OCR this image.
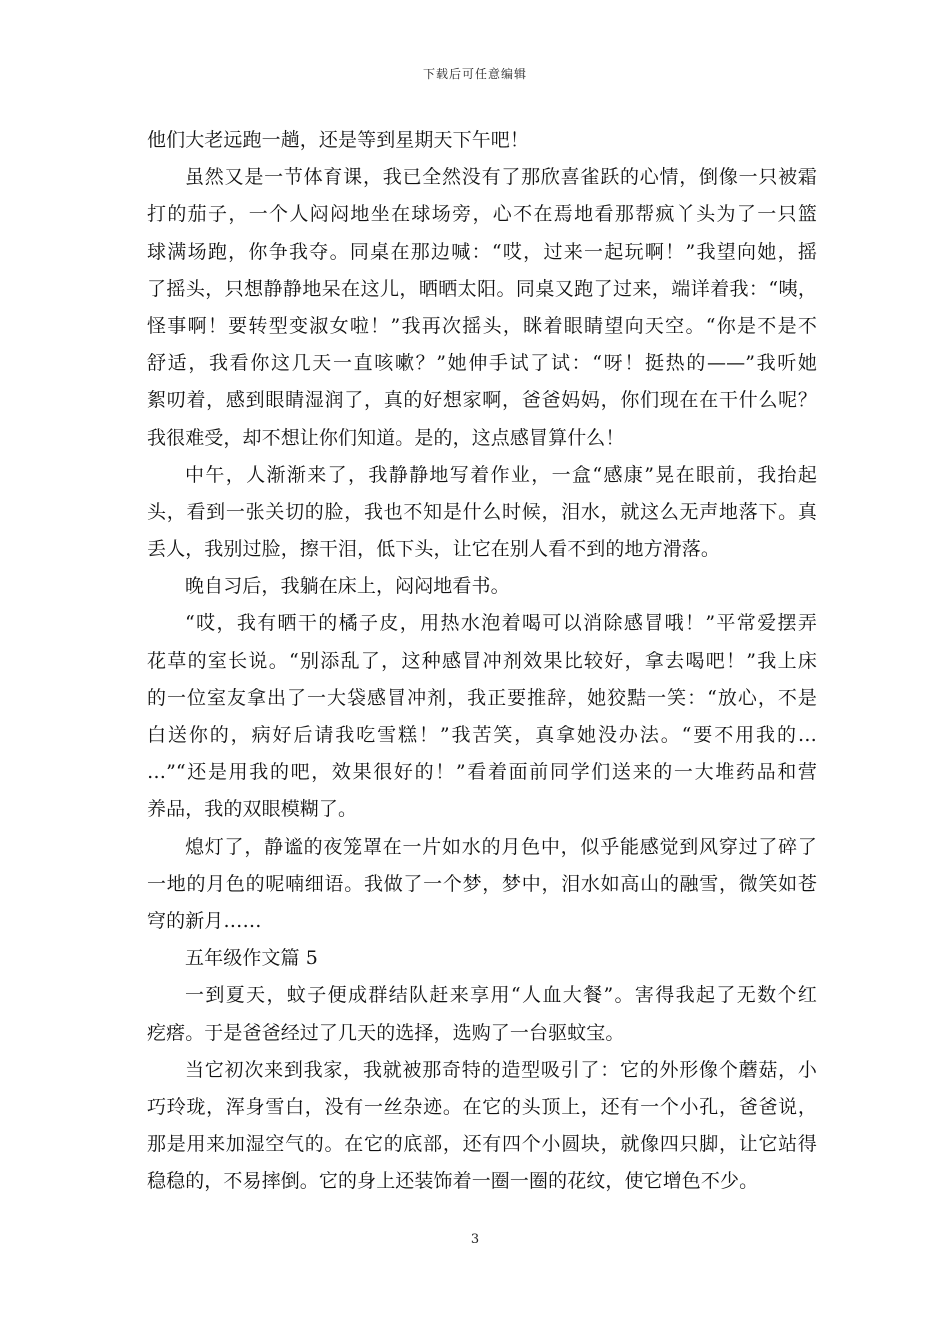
下载后可任意编辑
他们大老远跑一趟，还是等到星期天下午吧！
虽然又是一节体育课，我已全然没有了那欣喜雀跃的心情，倒像一只被霜
打的茄子，一个人闷闷地坐在球场旁，心不在焉地看那帮疯丫头为了一只篮
球满场跑，你争我夺。同桌在那边喊：“哎，过来一起玩啊！”我望向她，摇
了摇头，只想静静地呆在这儿，晒晒太阳。同桌又跑了过来，端详着我：“咦，
怪事啊！要转型变淑女啦！”我再次摇头，眯着眼睛望向天空。“你是不是不
舒适，我看你这几天一直咳嗽？”她伸手试了试：“呀！挺热的——”我听她
絮叨着，感到眼睛湿润了，真的好想家啊，爸爸妈妈，你们现在在干什么呢？
我很难受，却不想让你们知道。是的，这点感冒算什么！
中午，人渐渐来了，我静静地写着作业，一盒“感康”晃在眼前，我抬起
头，看到一张关切的脸，我也不知是什么时候，泪水，就这么无声地落下。真
丢人，我别过脸，擦干泪，低下头，让它在别人看不到的地方滑落。
晚自习后，我躺在床上，闷闷地看书。
“哎，我有晒干的橘子皮，用热水泡着喝可以消除感冒哦！”平常爱摆弄
花草的室长说。“别添乱了，这种感冒冲剂效果比较好，拿去喝吧！”我上床
的一位室友拿出了一大袋感冒冲剂，我正要推辞，她狡黠一笑：“放心，不是
白送你的，病好后请我吃雪糕！”我苦笑，真拿她没办法。“要不用我的…
…”“还是用我的吧，效果很好的！”看着面前同学们送来的一大堆药品和营
养品，我的双眼模糊了。
熄灯了，静谧的夜笼罩在一片如水的月色中，似乎能感觉到风穿过了碎了
一地的月色的呢喃细语。我做了一个梦，梦中，泪水如高山的融雪，微笑如苍
穹的新月……
五年级作文篇 5
一到夏天，蚊子便成群结队赶来享用“人血大餐”。害得我起了无数个红
疙瘩。于是爸爸经过了几天的选择，选购了一台驱蚊宝。
当它初次来到我家，我就被那奇特的造型吸引了：它的外形像个蘑菇，小
巧玲珑，浑身雪白，没有一丝杂迹。在它的头顶上，还有一个小孔，爸爸说，
那是用来加湿空气的。在它的底部，还有四个小圆块，就像四只脚，让它站得
稳稳的，不易摔倒。它的身上还装饰着一圈一圈的花纹，使它增色不少。
3
